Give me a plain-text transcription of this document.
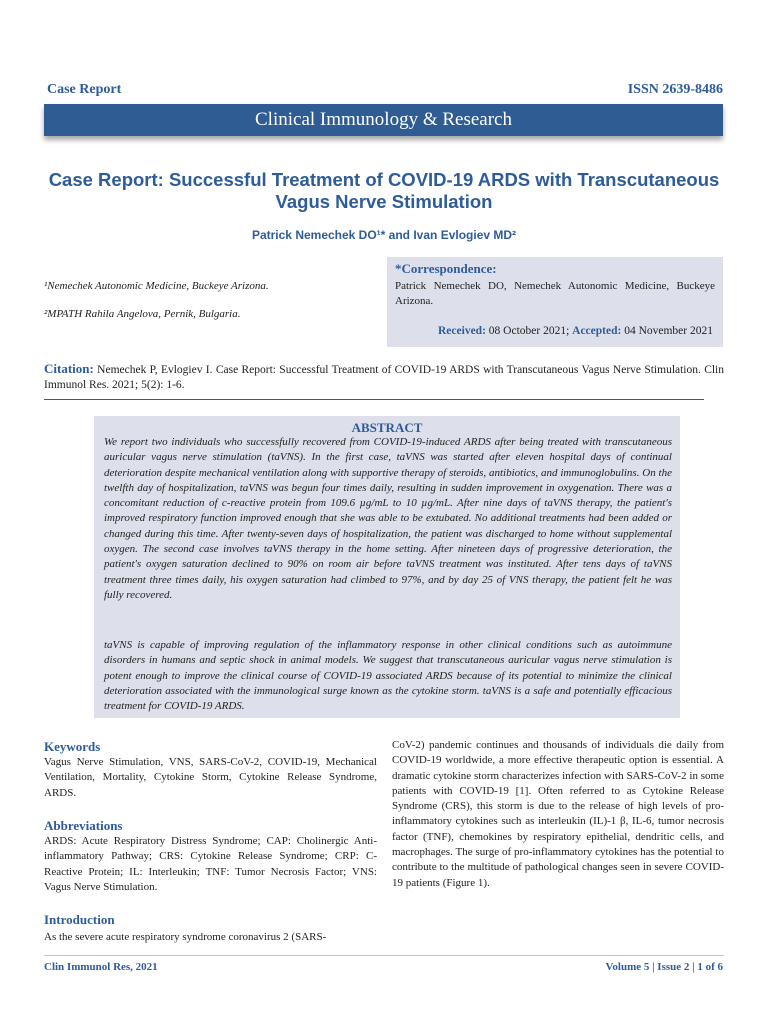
Case Report	ISSN 2639-8486
Clinical Immunology & Research
Case Report: Successful Treatment of COVID-19 ARDS with Transcutaneous Vagus Nerve Stimulation
Patrick Nemechek DO¹* and Ivan Evlogiev MD²
¹Nemechek Autonomic Medicine, Buckeye Arizona.
²MPATH Rahila Angelova, Pernik, Bulgaria.
*Correspondence:
Patrick Nemechek DO, Nemechek Autonomic Medicine, Buckeye Arizona.
Received: 08 October 2021; Accepted: 04 November 2021
Citation: Nemechek P, Evlogiev I. Case Report: Successful Treatment of COVID-19 ARDS with Transcutaneous Vagus Nerve Stimulation. Clin Immunol Res. 2021; 5(2): 1-6.
ABSTRACT
We report two individuals who successfully recovered from COVID-19-induced ARDS after being treated with transcutaneous auricular vagus nerve stimulation (taVNS). In the first case, taVNS was started after eleven hospital days of continual deterioration despite mechanical ventilation along with supportive therapy of steroids, antibiotics, and immunoglobulins. On the twelfth day of hospitalization, taVNS was begun four times daily, resulting in sudden improvement in oxygenation. There was a concomitant reduction of c-reactive protein from 109.6 µg/mL to 10 µg/mL. After nine days of taVNS therapy, the patient's improved respiratory function improved enough that she was able to be extubated. No additional treatments had been added or changed during this time. After twenty-seven days of hospitalization, the patient was discharged to home without supplemental oxygen. The second case involves taVNS therapy in the home setting. After nineteen days of progressive deterioration, the patient's oxygen saturation declined to 90% on room air before taVNS treatment was instituted. After tens days of taVNS treatment three times daily, his oxygen saturation had climbed to 97%, and by day 25 of VNS therapy, the patient felt he was fully recovered.
taVNS is capable of improving regulation of the inflammatory response in other clinical conditions such as autoimmune disorders in humans and septic shock in animal models. We suggest that transcutaneous auricular vagus nerve stimulation is potent enough to improve the clinical course of COVID-19 associated ARDS because of its potential to minimize the clinical deterioration associated with the immunological surge known as the cytokine storm. taVNS is a safe and potentially efficacious treatment for COVID-19 ARDS.
Keywords
Vagus Nerve Stimulation, VNS, SARS-CoV-2, COVID-19, Mechanical Ventilation, Mortality, Cytokine Storm, Cytokine Release Syndrome, ARDS.
Abbreviations
ARDS: Acute Respiratory Distress Syndrome; CAP: Cholinergic Anti-inflammatory Pathway; CRS: Cytokine Release Syndrome; CRP: C-Reactive Protein; IL: Interleukin; TNF: Tumor Necrosis Factor; VNS: Vagus Nerve Stimulation.
Introduction
As the severe acute respiratory syndrome coronavirus 2 (SARS-
CoV-2) pandemic continues and thousands of individuals die daily from COVID-19 worldwide, a more effective therapeutic option is essential. A dramatic cytokine storm characterizes infection with SARS-CoV-2 in some patients with COVID-19 [1]. Often referred to as Cytokine Release Syndrome (CRS), this storm is due to the release of high levels of pro-inflammatory cytokines such as interleukin (IL)-1 β, IL-6, tumor necrosis factor (TNF), chemokines by respiratory epithelial, dendritic cells, and macrophages. The surge of pro-inflammatory cytokines has the potential to contribute to the multitude of pathological changes seen in severe COVID-19 patients (Figure 1).
Clin Immunol Res, 2021	Volume 5 | Issue 2 | 1 of 6
